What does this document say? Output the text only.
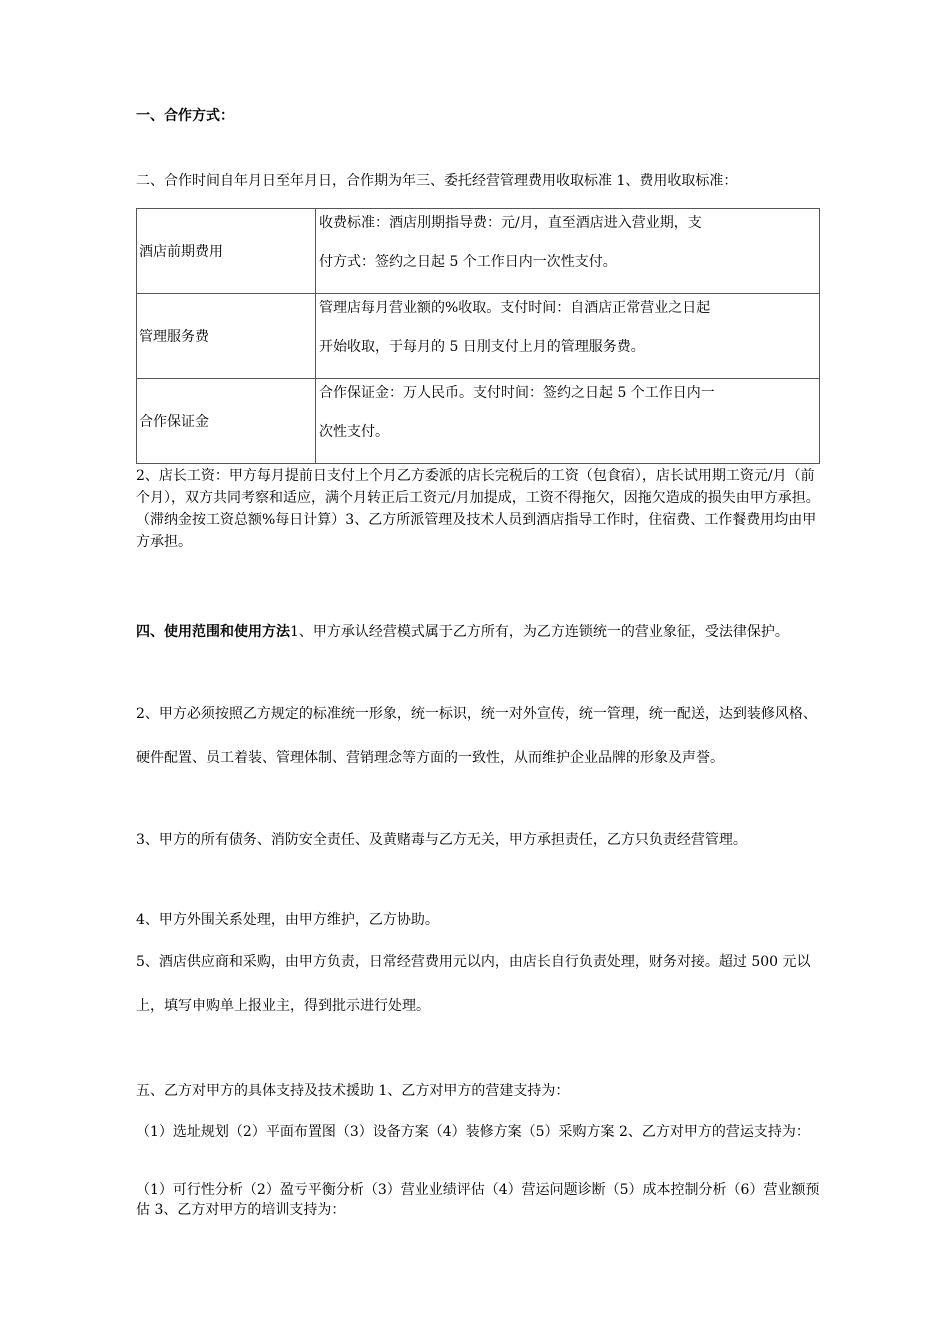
一、合作方式：
二、合作时间自年月日至年月日，合作期为年三、委托经营管理费用收取标准 1、费用收取标准：
酒店前期费用	收费标准：酒店刖期指导费：元/月，直至酒店进入营业期，支
付方式：签约之日起 5 个工作日内一次性支付。

管理服务费	管理店每月营业额的%收取。支付时间：自酒店正常营业之日起
开始收取，于每月的 5 日刖支付上月的管理服务费。

合作保证金	合作保证金：万人民币。支付时间：签约之日起 5 个工作日内一
次性支付。
2、店长工资：甲方每月提前日支付上个月乙方委派的店长完税后的工资（包食宿），店长试用期工资元/月（前个月），双方共同考察和适应，满个月转正后工资元/月加提成，工资不得拖欠，因拖欠造成的损失由甲方承担。（滞纳金按工资总额%每日计算）3、乙方所派管理及技术人员到酒店指导工作时，住宿费、工作餐费用均由甲方承担。
四、使用范围和使用方法1、甲方承认经营模式属于乙方所有，为乙方连锁统一的营业象征，受法律保护。
2、甲方必须按照乙方规定的标准统一形象，统一标识，统一对外宣传，统一管理，统一配送，达到装修风格、硬件配置、员工着装、管理体制、营销理念等方面的一致性，从而维护企业品牌的形象及声誉。
3、甲方的所有债务、消防安全责任、及黄赌毒与乙方无关，甲方承担责任，乙方只负责经营管理。
4、甲方外围关系处理，由甲方维护，乙方协助。
5、酒店供应商和采购，由甲方负责，日常经营费用元以内，由店长自行负责处理，财务对接。超过 500 元以上，填写申购单上报业主，得到批示进行处理。
五、乙方对甲方的具体支持及技术援助 1、乙方对甲方的营建支持为：
（1）选址规划（2）平面布置图（3）设备方案（4）装修方案（5）采购方案 2、乙方对甲方的营运支持为：
（1）可行性分析（2）盈亏平衡分析（3）营业业绩评估（4）营运问题诊断（5）成本控制分析（6）营业额预估 3、乙方对甲方的培训支持为：
